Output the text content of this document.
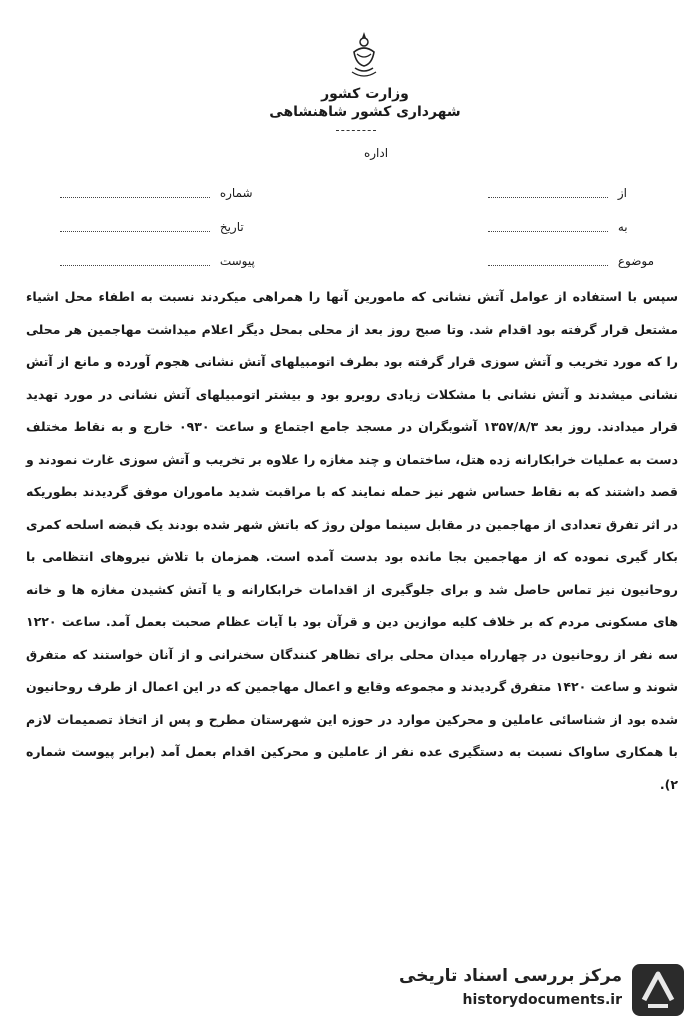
وزارت کشور
شهرداری کشور شاهنشاهی
اداره
شماره
تاریخ
پیوست
از
به
موضوع

سپس با استفاده از عوامل آتش نشانی که مامورین آنها را همراهی میکردند نسبت به اطفاء محل اشیاء مشتعل قرار گرفته بود اقدام شد. وتا صبح روز بعد از محلی بمحل دیگر اعلام میداشت مهاجمین هر محلی را که مورد تخریب و آتش سوزی قرار گرفته بود بطرف اتومبیلهای آتش نشانی هجوم آورده و مانع از آتش نشانی میشدند و آتش نشانی با مشکلات زیادی روبرو بود و بیشتر اتومبیلهای آتش نشانی در مورد تهدید قرار میدادند. روز بعد ۱۳۵۷/۸/۳ آشوبگران در مسجد جامع اجتماع و ساعت ۰۹۳۰ خارج و به نقاط مختلف دست به عملیات خرابکارانه زده هتل، ساختمان و چند مغازه را علاوه بر تخریب و آتش سوزی غارت نمودند و قصد داشتند که به نقاط حساس شهر نیز حمله نمایند که با مراقبت شدید ماموران موفق گردیدند بطوریکه در اثر تفرق تعدادی از مهاجمین در مقابل سینما مولن روژ که باتش شهر شده بودند یک قبضه اسلحه کمری بکار گیری نموده که از مهاجمین بجا مانده بود بدست آمده است. همزمان با تلاش نیروهای انتظامی با روحانیون نیز تماس حاصل شد و برای جلوگیری از اقدامات خرابکارانه و یا آتش کشیدن مغازه ها و خانه های مسکونی مردم که بر خلاف کلیه موازین دین و قرآن بود با آیات عظام صحبت بعمل آمد. ساعت ۱۲۲۰ سه نفر از روحانیون در چهارراه میدان محلی برای تظاهر کنندگان سخنرانی و از آنان خواستند که متفرق شوند و ساعت ۱۴۲۰ متفرق گردیدند و مجموعه وقایع و اعمال مهاجمین که در این اعمال از طرف روحانیون شده بود از شناسائی عاملین و محرکین موارد در حوزه این شهرستان مطرح و پس از اتخاذ تصمیمات لازم با همکاری ساواک نسبت به دستگیری عده نفر از عاملین و محرکین اقدام بعمل آمد (برابر پیوست شماره ۲).

مرکز بررسی اسناد تاریخی
historydocuments.ir
